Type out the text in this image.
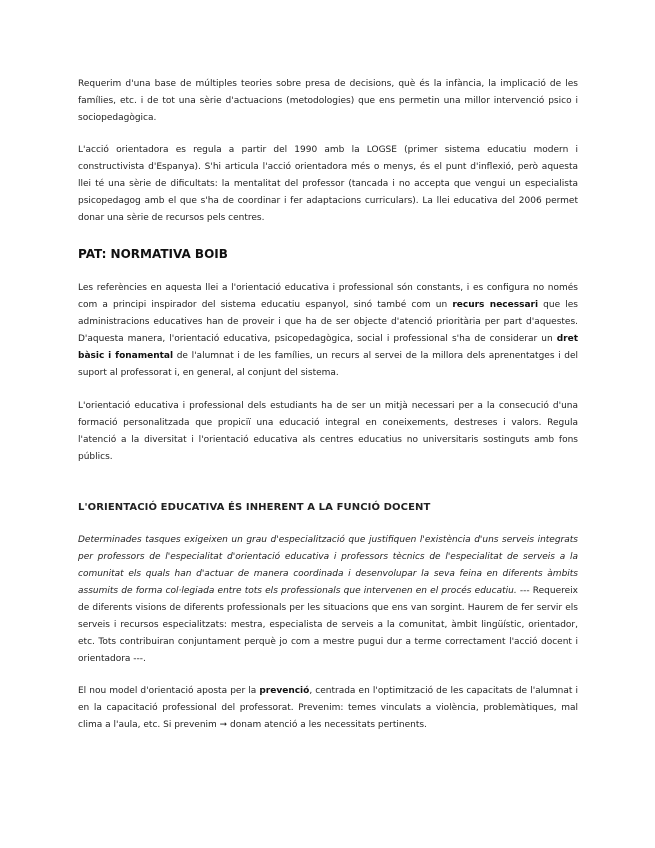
Requerim d'una base de múltiples teories sobre presa de decisions, què és la infància, la implicació de les famílies, etc. i de tot una sèrie d'actuacions (metodologies) que ens permetin una millor intervenció psico i sociopedagògica.

L'acció orientadora es regula a partir del 1990 amb la LOGSE (primer sistema educatiu modern i constructivista d'Espanya). S'hi articula l'acció orientadora més o menys, és el punt d'inflexió, però aquesta llei té una sèrie de dificultats: la mentalitat del professor (tancada i no accepta que vengui un especialista psicopedagog amb el que s'ha de coordinar i fer adaptacions curriculars). La llei educativa del 2006 permet donar una sèrie de recursos pels centres.

PAT: NORMATIVA BOIB

Les referències en aquesta llei a l'orientació educativa i professional són constants, i es configura no només com a principi inspirador del sistema educatiu espanyol, sinó també com un recurs necessari que les administracions educatives han de proveir i que ha de ser objecte d'atenció prioritària per part d'aquestes. D'aquesta manera, l'orientació educativa, psicopedagògica, social i professional s'ha de considerar un dret bàsic i fonamental de l'alumnat i de les famílies, un recurs al servei de la millora dels aprenentatges i del suport al professorat i, en general, al conjunt del sistema.

L'orientació educativa i professional dels estudiants ha de ser un mitjà necessari per a la consecució d'una formació personalitzada que propiciï una educació integral en coneixements, destreses i valors. Regula l'atenció a la diversitat i l'orientació educativa als centres educatius no universitaris sostinguts amb fons públics.

L'ORIENTACIÓ EDUCATIVA ÉS INHERENT A LA FUNCIÓ DOCENT

Determinades tasques exigeixen un grau d'especialització que justifiquen l'existència d'uns serveis integrats per professors de l'especialitat d'orientació educativa i professors tècnics de l'especialitat de serveis a la comunitat els quals han d'actuar de manera coordinada i desenvolupar la seva feina en diferents àmbits assumits de forma col·legiada entre tots els professionals que intervenen en el procés educatiu. --- Requereix de diferents visions de diferents professionals per les situacions que ens van sorgint. Haurem de fer servir els serveis i recursos especialitzats: mestra, especialista de serveis a la comunitat, àmbit lingüístic, orientador, etc. Tots contribuiran conjuntament perquè jo com a mestre pugui dur a terme correctament l'acció docent i orientadora ---.

El nou model d'orientació aposta per la prevenció, centrada en l'optimització de les capacitats de l'alumnat i en la capacitació professional del professorat. Prevenim: temes vinculats a violència, problemàtiques, mal clima a l'aula, etc. Si prevenim ➞ donam atenció a les necessitats pertinents.
